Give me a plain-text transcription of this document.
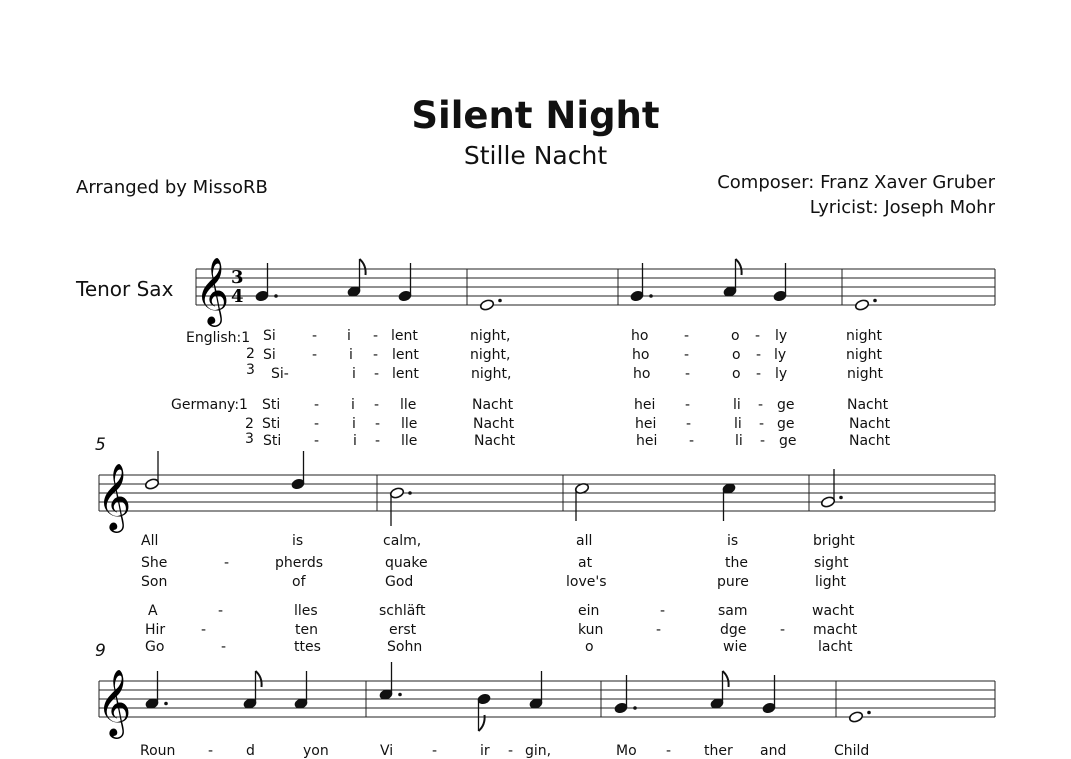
Silent Night
Stille Nacht
Arranged by MissoRB	Composer: Franz Xaver Gruber
Lyricist: Joseph Mohr
Tenor Sax
5
9
𝄞 3
4
𝄞
𝄞
English:1
2
3
Germany:1
2
3
Si	- i - lent	night,	ho	-	o - ly	night
Si	- i - lent	night,	ho -	o - ly	night
Si-	i - lent	night,	ho -	o - ly	night
Sti - i - lle	Nacht	hei -	li - ge	Nacht
Sti - i - lle	Nacht	hei -	li - ge	Nacht
Sti - i - lle	Nacht	hei -	li - ge	Nacht
All	is	calm,	all	is	bright
She	-	pherds	quake	at	the	sight
Son	of	God	love's	pure	light
A	-	lles	schläft	ein	-	sam	wacht
Hir	-	ten	erst	kun	-	dge - macht
Go	-	ttes	Sohn	o	wie	lacht
Roun - d	yon	Vi	-	ir - gin,	Mo - ther and	Child
